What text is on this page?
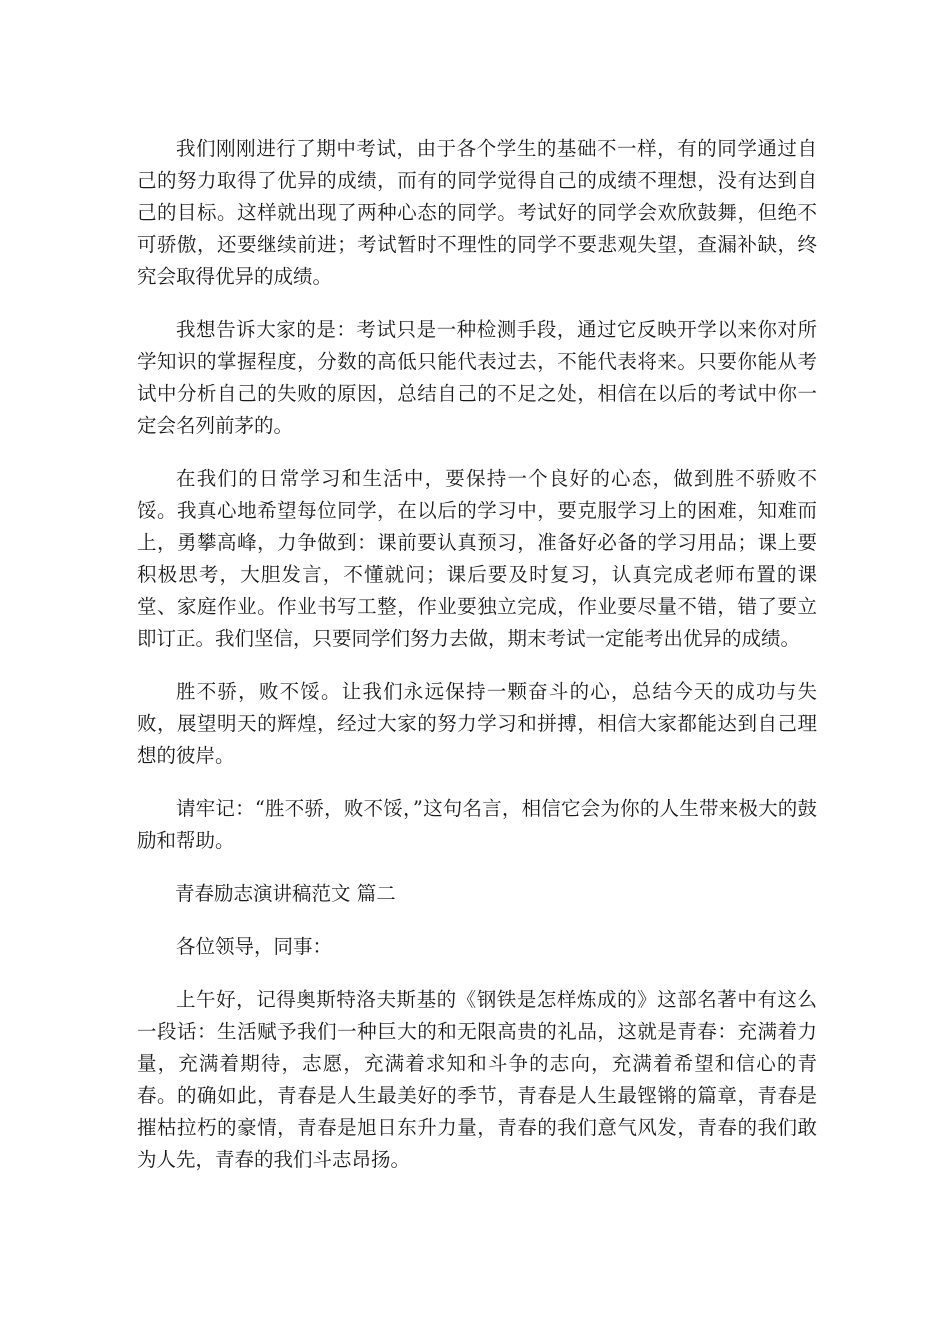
我们刚刚进行了期中考试，由于各个学生的基础不一样，有的同学通过自己的努力取得了优异的成绩，而有的同学觉得自己的成绩不理想，没有达到自己的目标。这样就出现了两种心态的同学。考试好的同学会欢欣鼓舞，但绝不可骄傲，还要继续前进；考试暂时不理性的同学不要悲观失望，查漏补缺，终究会取得优异的成绩。

我想告诉大家的是：考试只是一种检测手段，通过它反映开学以来你对所学知识的掌握程度，分数的高低只能代表过去，不能代表将来。只要你能从考试中分析自己的失败的原因，总结自己的不足之处，相信在以后的考试中你一定会名列前茅的。

在我们的日常学习和生活中，要保持一个良好的心态，做到胜不骄败不馁。我真心地希望每位同学，在以后的学习中，要克服学习上的困难，知难而上，勇攀高峰，力争做到：课前要认真预习，准备好必备的学习用品；课上要积极思考，大胆发言，不懂就问；课后要及时复习，认真完成老师布置的课堂、家庭作业。作业书写工整，作业要独立完成，作业要尽量不错，错了要立即订正。我们坚信，只要同学们努力去做，期末考试一定能考出优异的成绩。

胜不骄，败不馁。让我们永远保持一颗奋斗的心，总结今天的成功与失败，展望明天的辉煌，经过大家的努力学习和拼搏，相信大家都能达到自己理想的彼岸。

请牢记：“胜不骄，败不馁，”这句名言，相信它会为你的人生带来极大的鼓励和帮助。

青春励志演讲稿范文 篇二

各位领导，同事：

上午好，记得奥斯特洛夫斯基的《钢铁是怎样炼成的》这部名著中有这么一段话：生活赋予我们一种巨大的和无限高贵的礼品，这就是青春：充满着力量，充满着期待，志愿，充满着求知和斗争的志向，充满着希望和信心的青春。的确如此，青春是人生最美好的季节，青春是人生最铿锵的篇章，青春是摧枯拉朽的豪情，青春是旭日东升力量，青春的我们意气风发，青春的我们敢为人先，青春的我们斗志昂扬。
